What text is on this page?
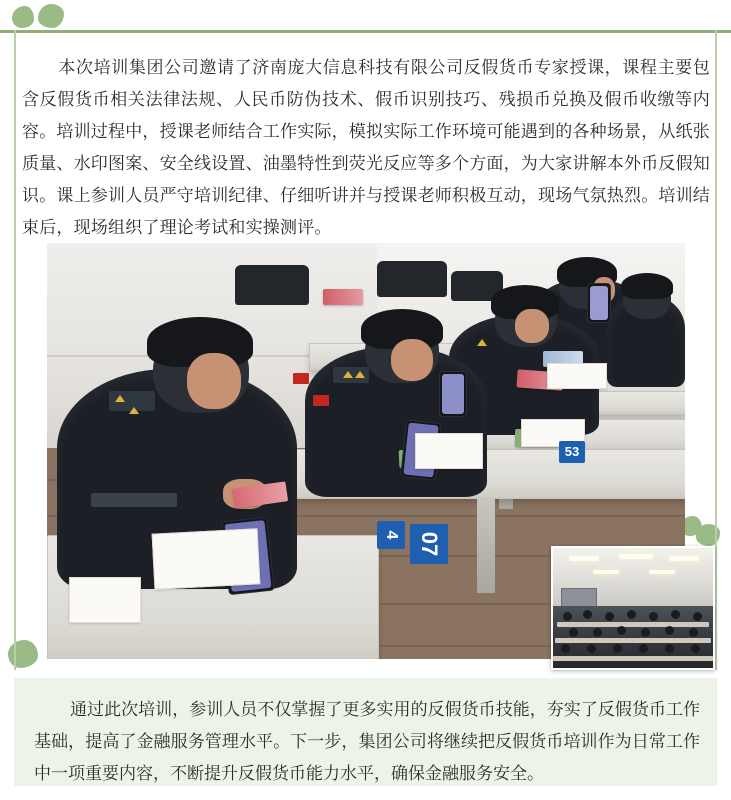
本次培训集团公司邀请了济南庞大信息科技有限公司反假货币专家授课，课程主要包含反假货币相关法律法规、人民币防伪技术、假币识别技巧、残损币兑换及假币收缴等内容。培训过程中，授课老师结合工作实际，模拟实际工作环境可能遇到的各种场景，从纸张质量、水印图案、安全线设置、油墨特性到荧光反应等多个方面，为大家讲解本外币反假知识。课上参训人员严守培训纪律、仔细听讲并与授课老师积极互动，现场气氛热烈。培训结束后，现场组织了理论考试和实操测评。
4 07
53
通过此次培训，参训人员不仅掌握了更多实用的反假货币技能，夯实了反假货币工作基础，提高了金融服务管理水平。下一步，集团公司将继续把反假货币培训作为日常工作中一项重要内容，不断提升反假货币能力水平，确保金融服务安全。
